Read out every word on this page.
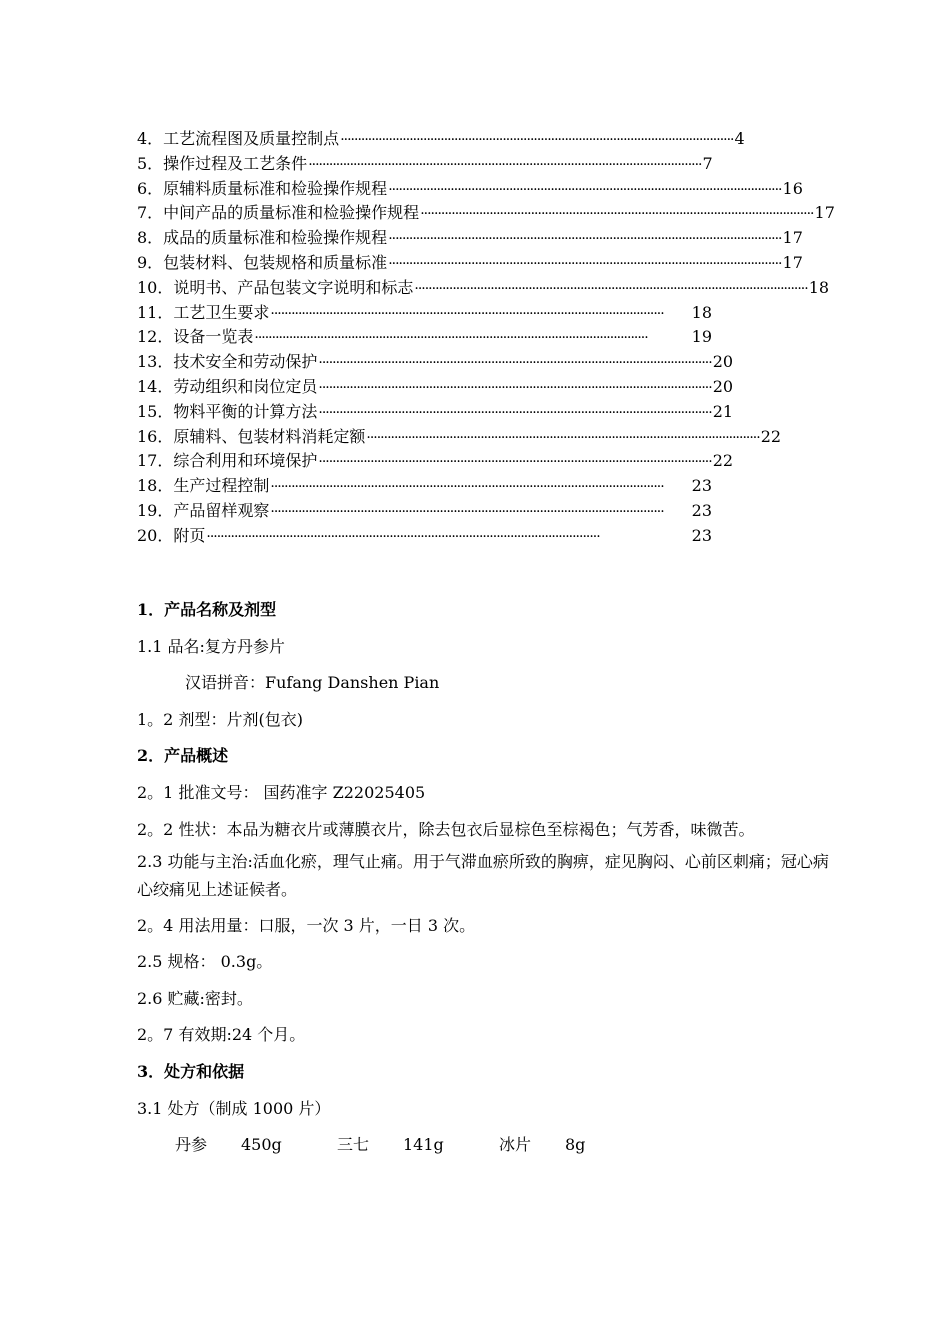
4．工艺流程图及质量控制点 ·················································································································· 4
5．操作过程及工艺条件 ·················································································································· 7
6．原辅料质量标准和检验操作规程 ·················································································································· 16
7．中间产品的质量标准和检验操作规程 ·················································································································· 17
8．成品的质量标准和检验操作规程 ·················································································································· 17
9．包装材料、包装规格和质量标准 ·················································································································· 17
10．说明书、产品包装文字说明和标志 ·················································································································· 18
11．工艺卫生要求 ··················································································································	18
12．设备一览表 ··················································································································	19
13．技术安全和劳动保护 ·················································································································· 20
14．劳动组织和岗位定员 ·················································································································· 20
15．物料平衡的计算方法 ·················································································································· 21
16．原辅料、包装材料消耗定额 ·················································································································· 22
17．综合利用和环境保护 ·················································································································· 22
18．生产过程控制 ··················································································································	23
19．产品留样观察 ··················································································································	23
20．附页 ··················································································································	23
1．产品名称及剂型
1.1 品名:复方丹参片
汉语拼音：Fufang Danshen Pian
1。2 剂型：片剂(包衣)
2．产品概述
2。1 批准文号： 国药准字 Z22025405
2。2 性状：本品为糖衣片或薄膜衣片，除去包衣后显棕色至棕褐色；气芳香，味微苦。
2.3 功能与主治:活血化瘀，理气止痛。用于气滞血瘀所致的胸痹，症见胸闷、心前区刺痛；冠心病心绞痛见上述证候者。
2。4 用法用量：口服，一次 3 片，一日 3 次。
2.5 规格： 0.3g。
2.6 贮藏:密封。
2。7 有效期:24 个月。
3．处方和依据
3.1 处方（制成 1000 片）
丹参	450g	三七	141g	冰片	8g
